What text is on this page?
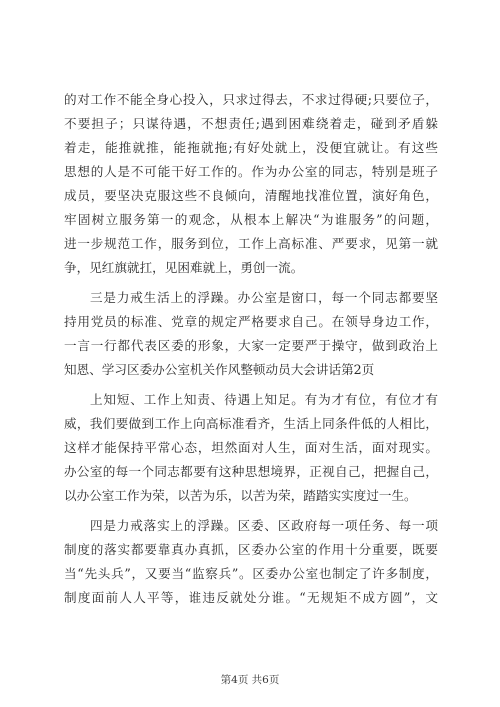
的对工作不能全身心投入，只求过得去，不求过得硬;只要位子，
不要担子；只谋待遇，不想责任;遇到困难绕着走，碰到矛盾躲
着走，能推就推，能拖就拖;有好处就上，没便宜就让。有这些
思想的人是不可能干好工作的。作为办公室的同志，特别是班子
成员，要坚决克服这些不良倾向，清醒地找准位置，演好角色，
牢固树立服务第一的观念，从根本上解决“为谁服务”的问题，
进一步规范工作，服务到位，工作上高标准、严要求，见第一就
争，见红旗就扛，见困难就上，勇创一流。
三是力戒生活上的浮躁。办公室是窗口，每一个同志都要坚
持用党员的标准、党章的规定严格要求自己。在领导身边工作，
一言一行都代表区委的形象，大家一定要严于操守，做到政治上
知恩、学习区委办公室机关作风整顿动员大会讲话第2页
上知短、工作上知责、待遇上知足。有为才有位，有位才有
威，我们要做到工作上向高标准看齐，生活上同条件低的人相比，
这样才能保持平常心态，坦然面对人生，面对生活，面对现实。
办公室的每一个同志都要有这种思想境界，正视自己，把握自己，
以办公室工作为荣，以苦为乐，以苦为荣，踏踏实实度过一生。
四是力戒落实上的浮躁。区委、区政府每一项任务、每一项
制度的落实都要靠真办真抓，区委办公室的作用十分重要，既要
当“先头兵”，又要当“监察兵”。区委办公室也制定了许多制度，
制度面前人人平等，谁违反就处分谁。“无规矩不成方圆”，文
第4页 共6页
